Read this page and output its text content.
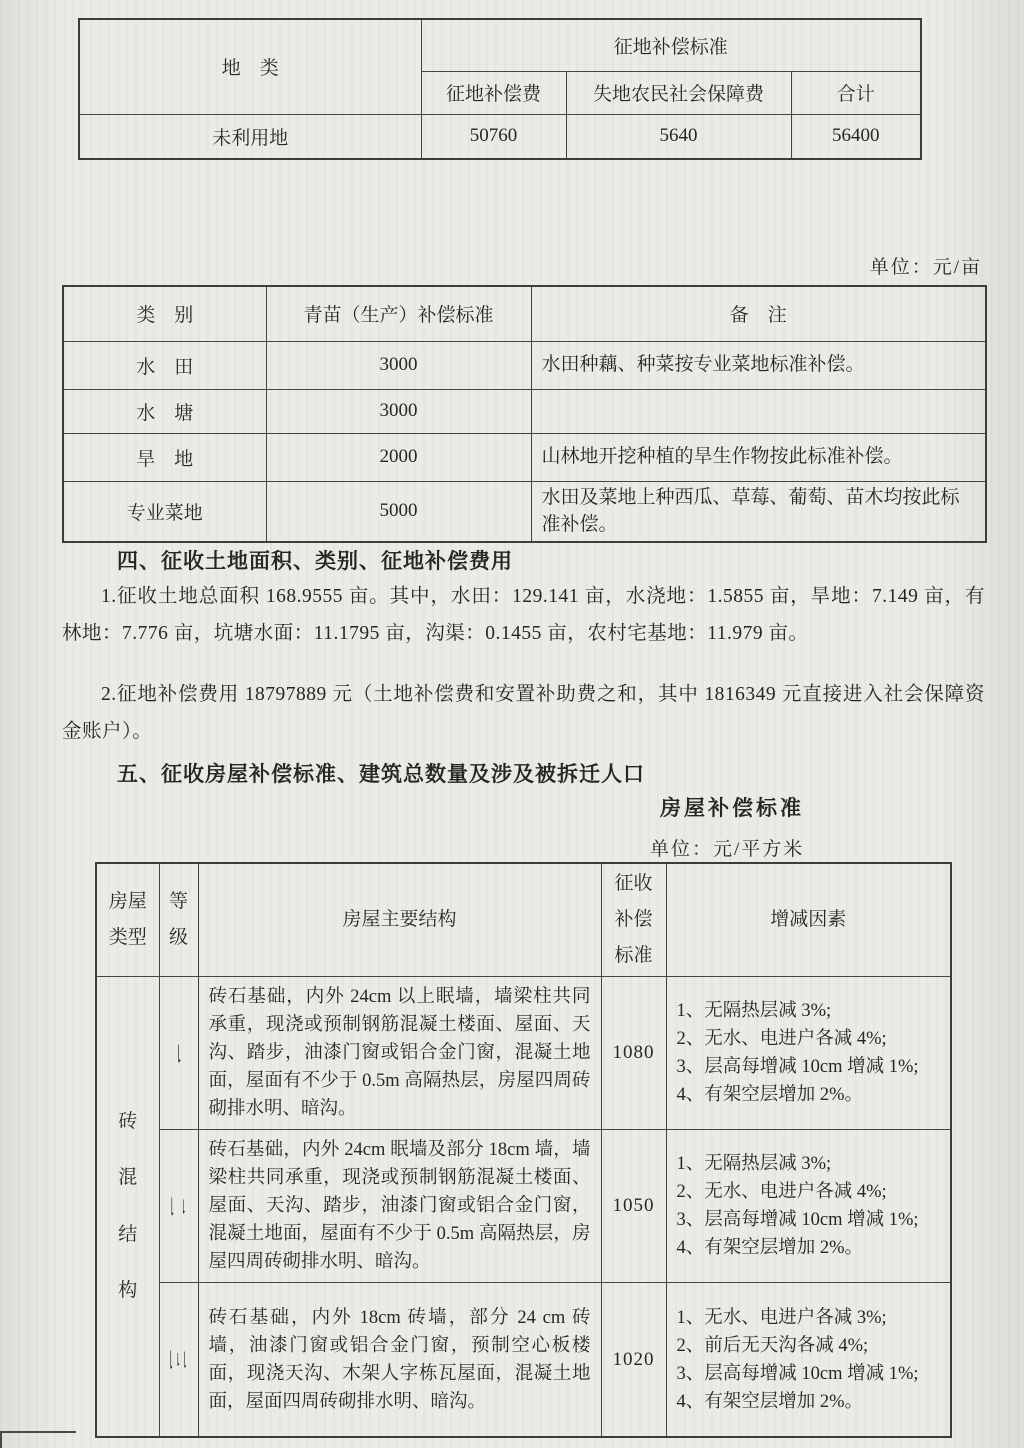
地　类	征地补偿标准		
	征地补偿费	失地农民社会保障费	合计
未利用地	50760	5640	56400
单位：元/亩
类　别	青苗（生产）补偿标准	备　注
水　田	3000	水田种藕、种菜按专业菜地标准补偿。
水　塘	3000	
旱　地	2000	山林地开挖种植的旱生作物按此标准补偿。
专业菜地	5000	水田及菜地上种西瓜、草莓、葡萄、苗木均按此标准补偿。
四、征收土地面积、类别、征地补偿费用
1.征收土地总面积 168.9555 亩。其中，水田：129.141 亩，水浇地：1.5855 亩，旱地：7.149 亩，有林地：7.776 亩，坑塘水面：11.1795 亩，沟渠：0.1455 亩，农村宅基地：11.979 亩。
2.征地补偿费用 18797889 元（土地补偿费和安置补助费之和，其中 1816349 元直接进入社会保障资金账户）。
五、征收房屋补偿标准、建筑总数量及涉及被拆迁人口
房屋补偿标准
单位：元/平方米
房屋类型	等级	房屋主要结构	征收补偿标准	增减因素
砖混结构	一	砖石基础，内外 24cm 以上眠墙，墙梁柱共同承重，现浇或预制钢筋混凝土楼面、屋面、天沟、踏步，油漆门窗或铝合金门窗，混凝土地面，屋面有不少于 0.5m 高隔热层，房屋四周砖砌排水明、暗沟。	1080	1、无隔热层减 3%;
2、无水、电进户各减 4%;
3、层高每增减 10cm 增减 1%;
4、有架空层增加 2%。

	二	砖石基础，内外 24cm 眠墙及部分 18cm 墙，墙梁柱共同承重，现浇或预制钢筋混凝土楼面、屋面、天沟、踏步，油漆门窗或铝合金门窗，混凝土地面，屋面有不少于 0.5m 高隔热层，房屋四周砖砌排水明、暗沟。	1050	1、无隔热层减 3%;
2、无水、电进户各减 4%;
3、层高每增减 10cm 增减 1%;
4、有架空层增加 2%。

	三	砖石基础，内外 18cm 砖墙，部分 24 cm 砖墙，油漆门窗或铝合金门窗，预制空心板楼面，现浇天沟、木架人字栋瓦屋面，混凝土地面，屋面四周砖砌排水明、暗沟。	1020	1、无水、电进户各减 3%;
2、前后无天沟各减 4%;
3、层高每增减 10cm 增减 1%;
4、有架空层增加 2%。
